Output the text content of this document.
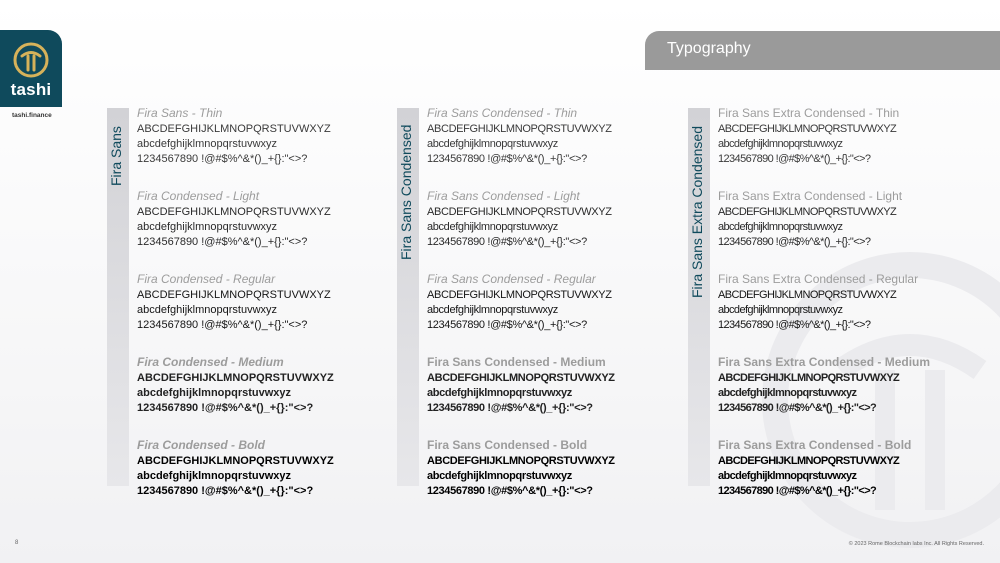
tashi
tashi.finance
Typography
Fira Sans
Fira Sans - Thin
ABCDEFGHIJKLMNOPQRSTUVWXYZ
abcdefghijklmnopqrstuvwxyz
1234567890 !@#$%^&*()_+{}:"<>?
Fira Condensed - Light
ABCDEFGHIJKLMNOPQRSTUVWXYZ
abcdefghijklmnopqrstuvwxyz
1234567890 !@#$%^&*()_+{}:"<>?
Fira Condensed - Regular
ABCDEFGHIJKLMNOPQRSTUVWXYZ
abcdefghijklmnopqrstuvwxyz
1234567890 !@#$%^&*()_+{}:"<>?
Fira Condensed - Medium
ABCDEFGHIJKLMNOPQRSTUVWXYZ
abcdefghijklmnopqrstuvwxyz
1234567890 !@#$%^&*()_+{}:"<>?
Fira Condensed - Bold
ABCDEFGHIJKLMNOPQRSTUVWXYZ
abcdefghijklmnopqrstuvwxyz
1234567890 !@#$%^&*()_+{}:"<>?
Fira Sans Condensed
Fira Sans Condensed - Thin
ABCDEFGHIJKLMNOPQRSTUVWXYZ
abcdefghijklmnopqrstuvwxyz
1234567890 !@#$%^&*()_+{}:"<>?
Fira Sans Condensed - Light
ABCDEFGHIJKLMNOPQRSTUVWXYZ
abcdefghijklmnopqrstuvwxyz
1234567890 !@#$%^&*()_+{}:"<>?
Fira Sans Condensed - Regular
ABCDEFGHIJKLMNOPQRSTUVWXYZ
abcdefghijklmnopqrstuvwxyz
1234567890 !@#$%^&*()_+{}:"<>?
Fira Sans Condensed - Medium
ABCDEFGHIJKLMNOPQRSTUVWXYZ
abcdefghijklmnopqrstuvwxyz
1234567890 !@#$%^&*()_+{}:"<>?
Fira Sans Condensed - Bold
ABCDEFGHIJKLMNOPQRSTUVWXYZ
abcdefghijklmnopqrstuvwxyz
1234567890 !@#$%^&*()_+{}:"<>?
Fira Sans Extra Condensed
Fira Sans Extra Condensed - Thin
ABCDEFGHIJKLMNOPQRSTUVWXYZ
abcdefghijklmnopqrstuvwxyz
1234567890 !@#$%^&*()_+{}:"<>?
Fira Sans Extra Condensed - Light
ABCDEFGHIJKLMNOPQRSTUVWXYZ
abcdefghijklmnopqrstuvwxyz
1234567890 !@#$%^&*()_+{}:"<>?
Fira Sans Extra Condensed - Regular
ABCDEFGHIJKLMNOPQRSTUVWXYZ
abcdefghijklmnopqrstuvwxyz
1234567890 !@#$%^&*()_+{}:"<>?
Fira Sans Extra Condensed - Medium
ABCDEFGHIJKLMNOPQRSTUVWXYZ
abcdefghijklmnopqrstuvwxyz
1234567890 !@#$%^&*()_+{}:"<>?
Fira Sans Extra Condensed - Bold
ABCDEFGHIJKLMNOPQRSTUVWXYZ
abcdefghijklmnopqrstuvwxyz
1234567890 !@#$%^&*()_+{}:"<>?
8	© 2023 Rome Blockchain labs Inc. All Rights Reserved.
